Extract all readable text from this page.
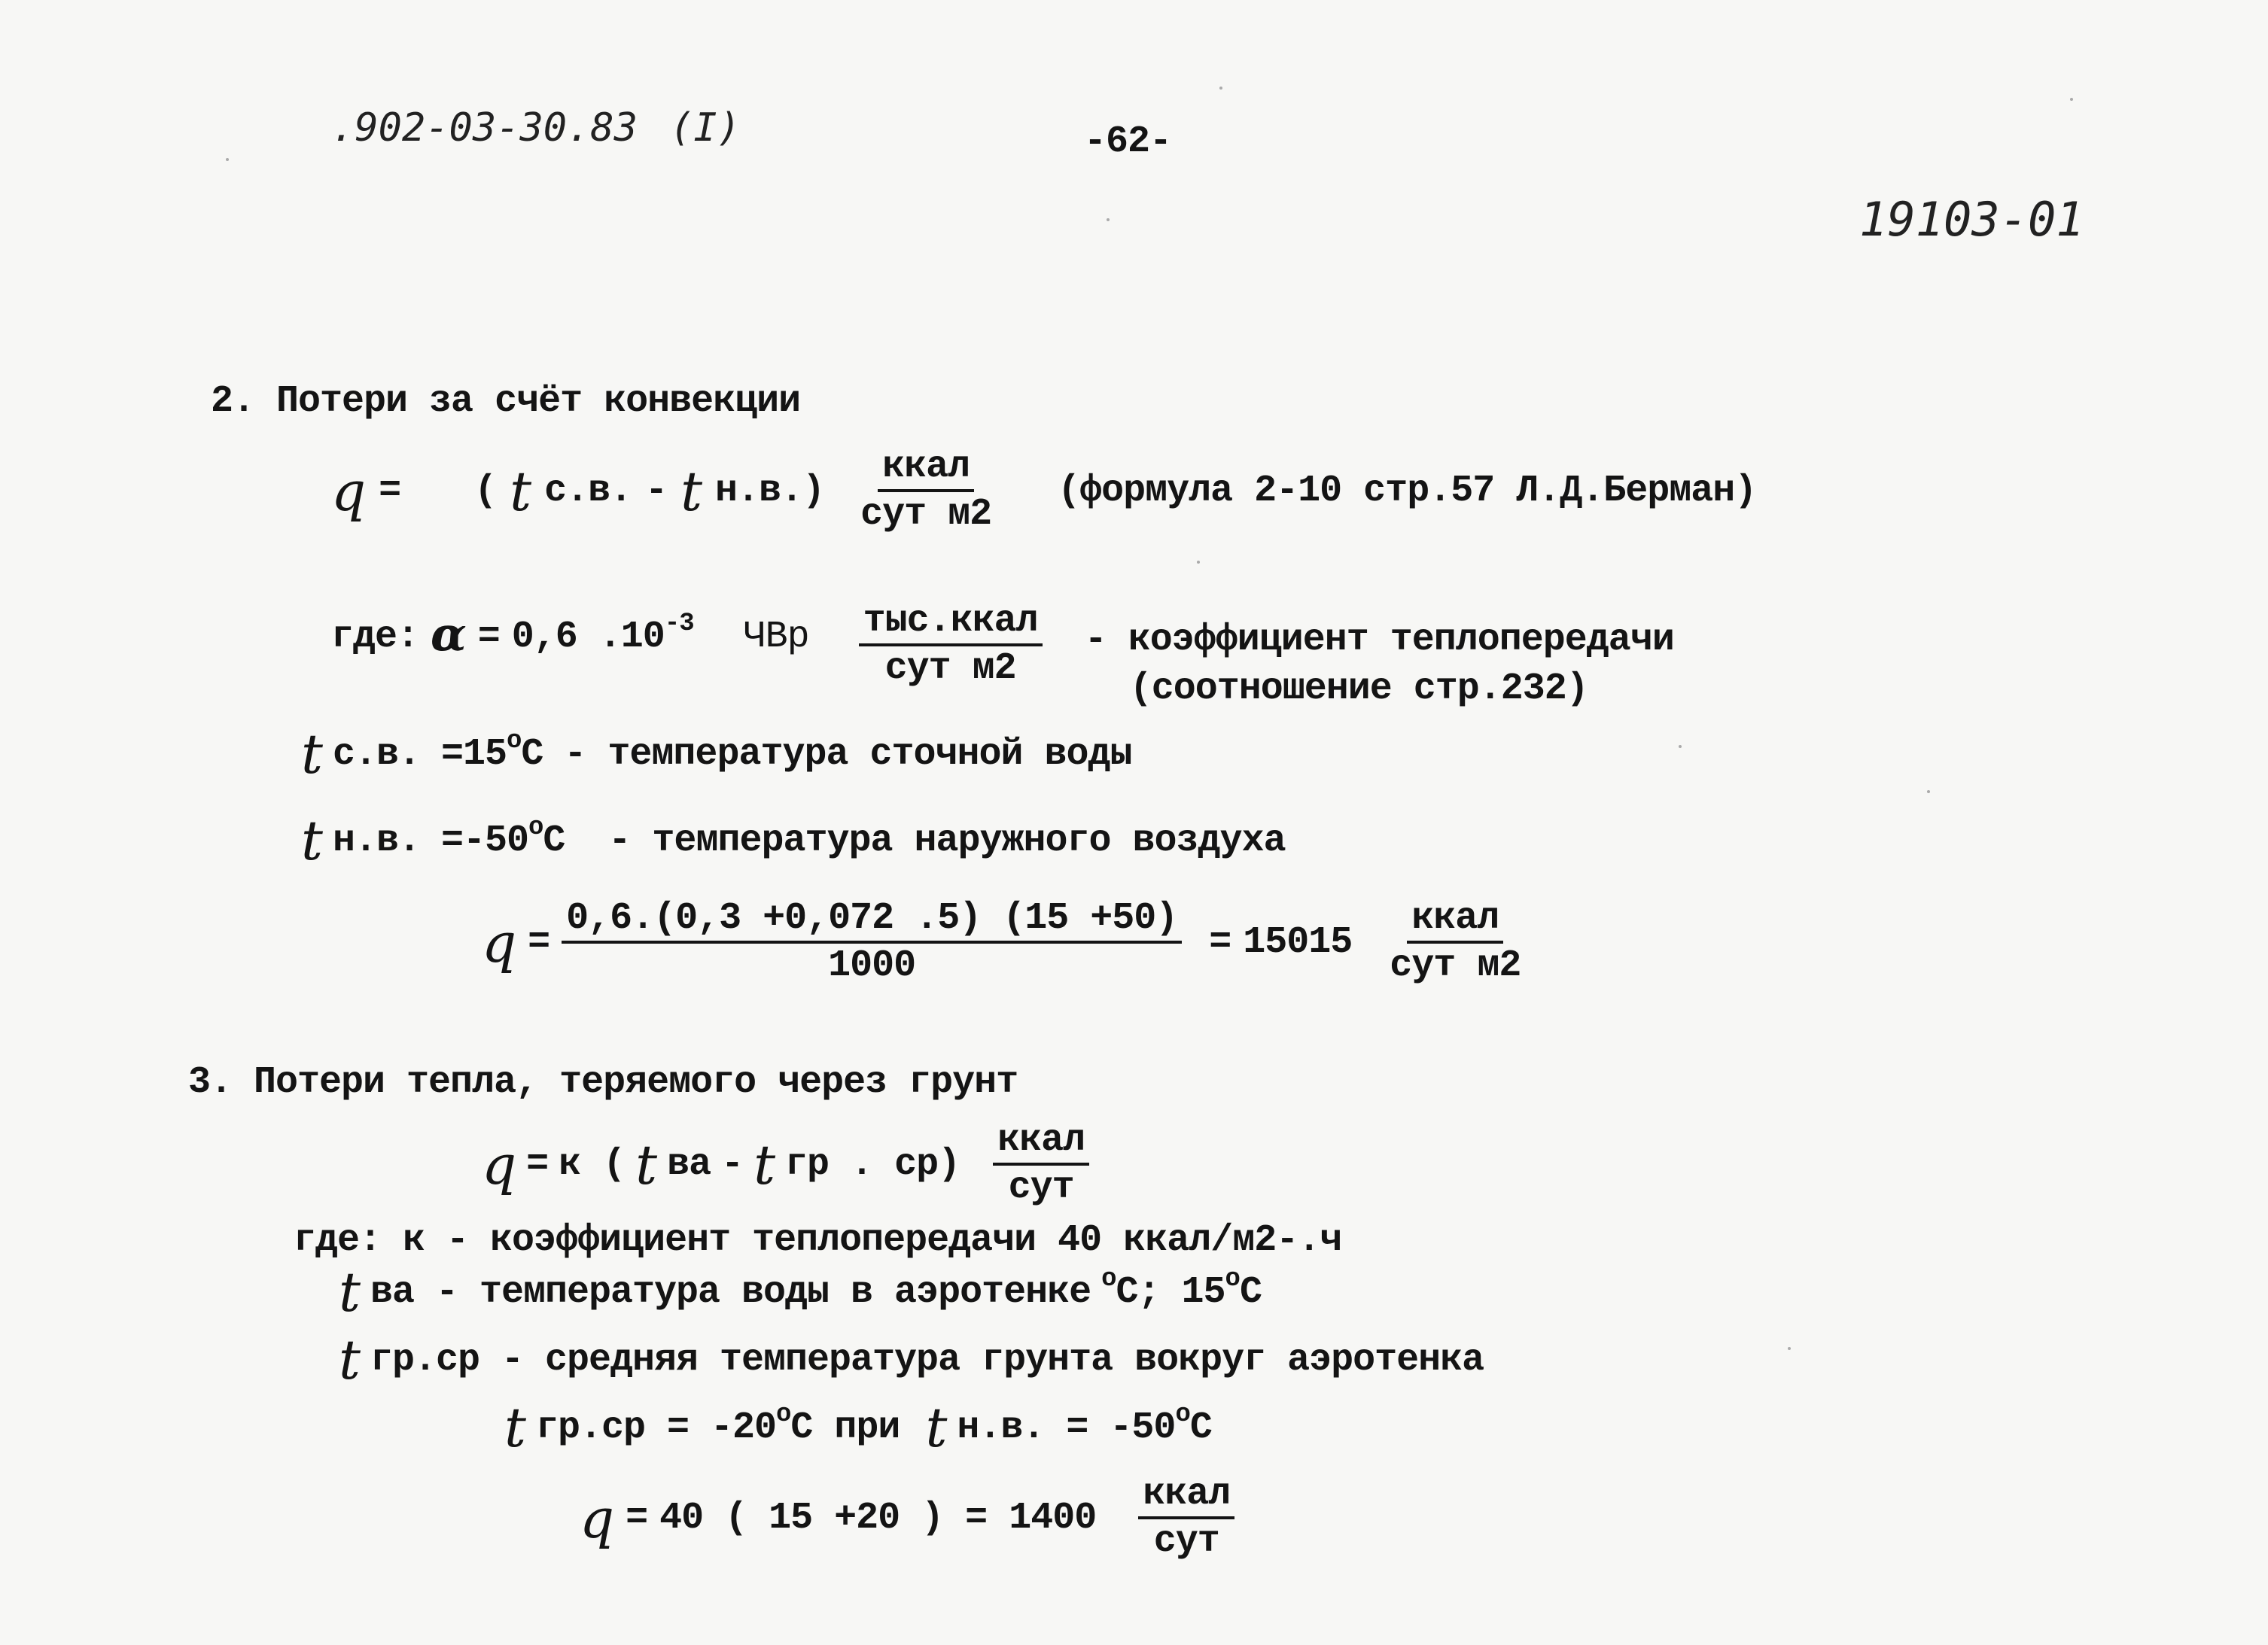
.902-03-30.83 (I)	-62-
19103-01
2. Потери за счёт конвекции
q = ( t с.в. - t $н.в.) \frac{\text{ккал}}{\text{сут м2}}$ (формула 2-10 стр.57 Л.Д.Берман)
где: α = 0,6 $.10^{-3}$ ЧВр $\frac{\text{тыс.ккал}}{\text{сут м2}}$ - коэффициент теплопередачи
(соотношение стр.232)
t с.в. $=15^оС$ - температура сточной воды
t н.в. $=-50^оС$ - температура наружного воздуха
$q = \frac{0,6.(0,3 +0,072 .5) (15 +50)}{1000} = 15015 \frac{\text{ккал}}{\text{сут м2}}$
3. Потери тепла, теряемого через грунт
q = к ( t ва - t гр . $ср) \frac{\text{ккал}}{\text{сут}}$
где: к - коэффициент теплопередачи 40 ккал/м2-.ч
t ва - температура воды в аэротенке $^о$С; $15^оС$
t гр.ср - средняя температура грунта вокруг аэротенка
t $гр.ср = -20^оС$ при t н.в. = $-50^оС$
q = 40 ( 15 +20 ) = $1400 \frac{\text{ккал}}{\text{сут}}$
